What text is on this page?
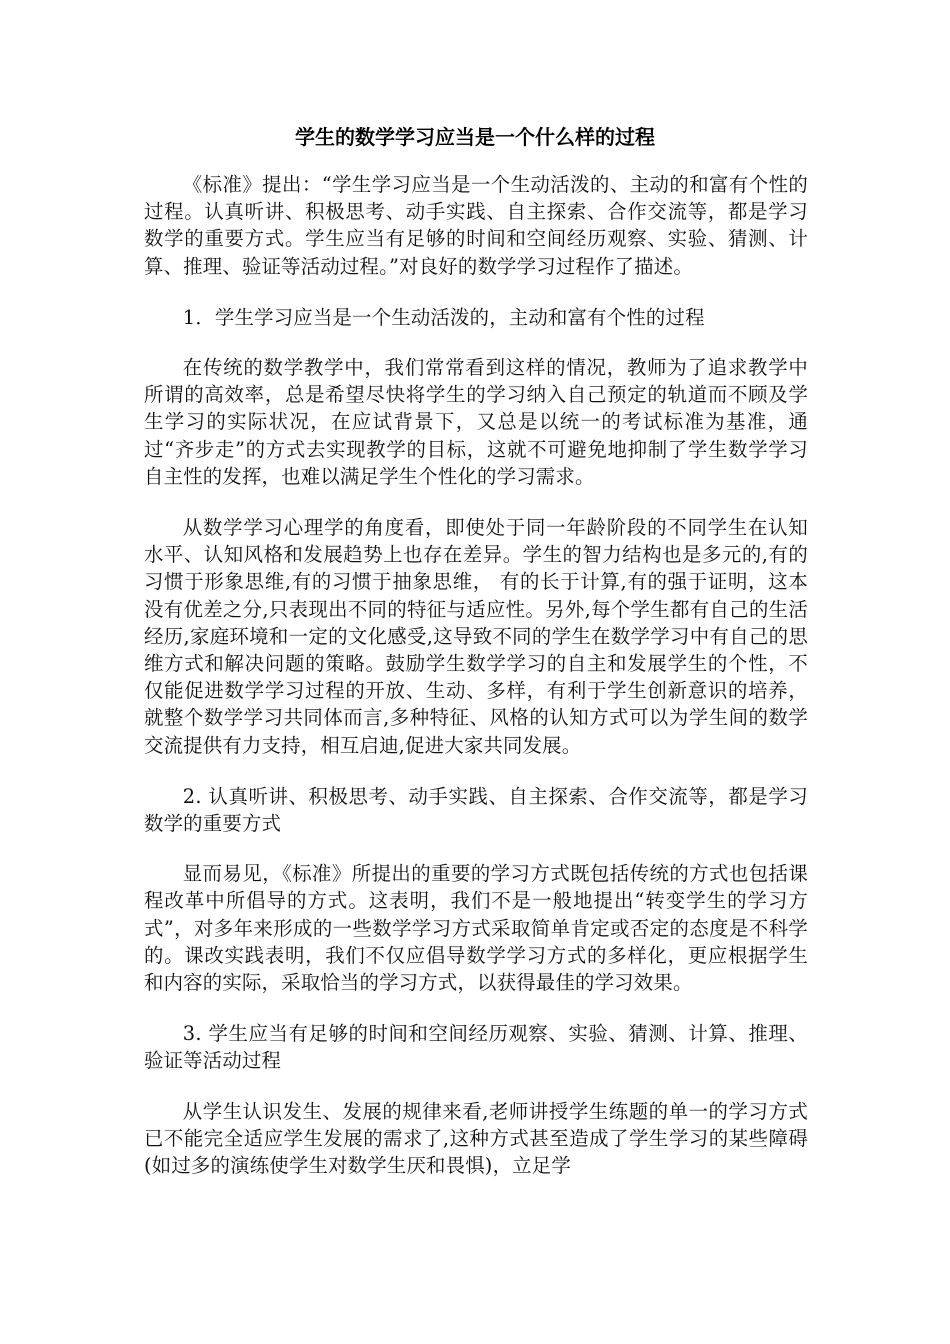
学生的数学学习应当是一个什么样的过程

《标准》提出：“学生学习应当是一个生动活泼的、主动的和富有个性的过程。认真听讲、积极思考、动手实践、自主探索、合作交流等，都是学习数学的重要方式。学生应当有足够的时间和空间经历观察、实验、猜测、计算、推理、验证等活动过程。”对良好的数学学习过程作了描述。

1．学生学习应当是一个生动活泼的，主动和富有个性的过程

在传统的数学教学中，我们常常看到这样的情况，教师为了追求教学中所谓的高效率，总是希望尽快将学生的学习纳入自己预定的轨道而不顾及学生学习的实际状况，在应试背景下，又总是以统一的考试标准为基准，通过“齐步走”的方式去实现教学的目标，这就不可避免地抑制了学生数学学习自主性的发挥，也难以满足学生个性化的学习需求。

从数学学习心理学的角度看，即使处于同一年龄阶段的不同学生在认知水平、认知风格和发展趋势上也存在差异。学生的智力结构也是多元的,有的习惯于形象思维,有的习惯于抽象思维， 有的长于计算,有的强于证明，这本没有优差之分,只表现出不同的特征与适应性。另外,每个学生都有自己的生活经历,家庭环境和一定的文化感受,这导致不同的学生在数学学习中有自己的思维方式和解决问题的策略。鼓励学生数学学习的自主和发展学生的个性，不仅能促进数学学习过程的开放、生动、多样，有利于学生创新意识的培养，就整个数学学习共同体而言,多种特征、风格的认知方式可以为学生间的数学交流提供有力支持，相互启迪,促进大家共同发展。

2. 认真听讲、积极思考、动手实践、自主探索、合作交流等，都是学习数学的重要方式

显而易见，《标准》所提出的重要的学习方式既包括传统的方式也包括课程改革中所倡导的方式。这表明，我们不是一般地提出“转变学生的学习方式”，对多年来形成的一些数学学习方式采取简单肯定或否定的态度是不科学的。课改实践表明，我们不仅应倡导数学学习方式的多样化，更应根据学生和内容的实际，采取恰当的学习方式，以获得最佳的学习效果。

3. 学生应当有足够的时间和空间经历观察、实验、猜测、计算、推理、验证等活动过程

从学生认识发生、发展的规律来看,老师讲授学生练题的单一的学习方式已不能完全适应学生发展的需求了,这种方式甚至造成了学生学习的某些障碍(如过多的演练使学生对数学生厌和畏惧)，立足学
